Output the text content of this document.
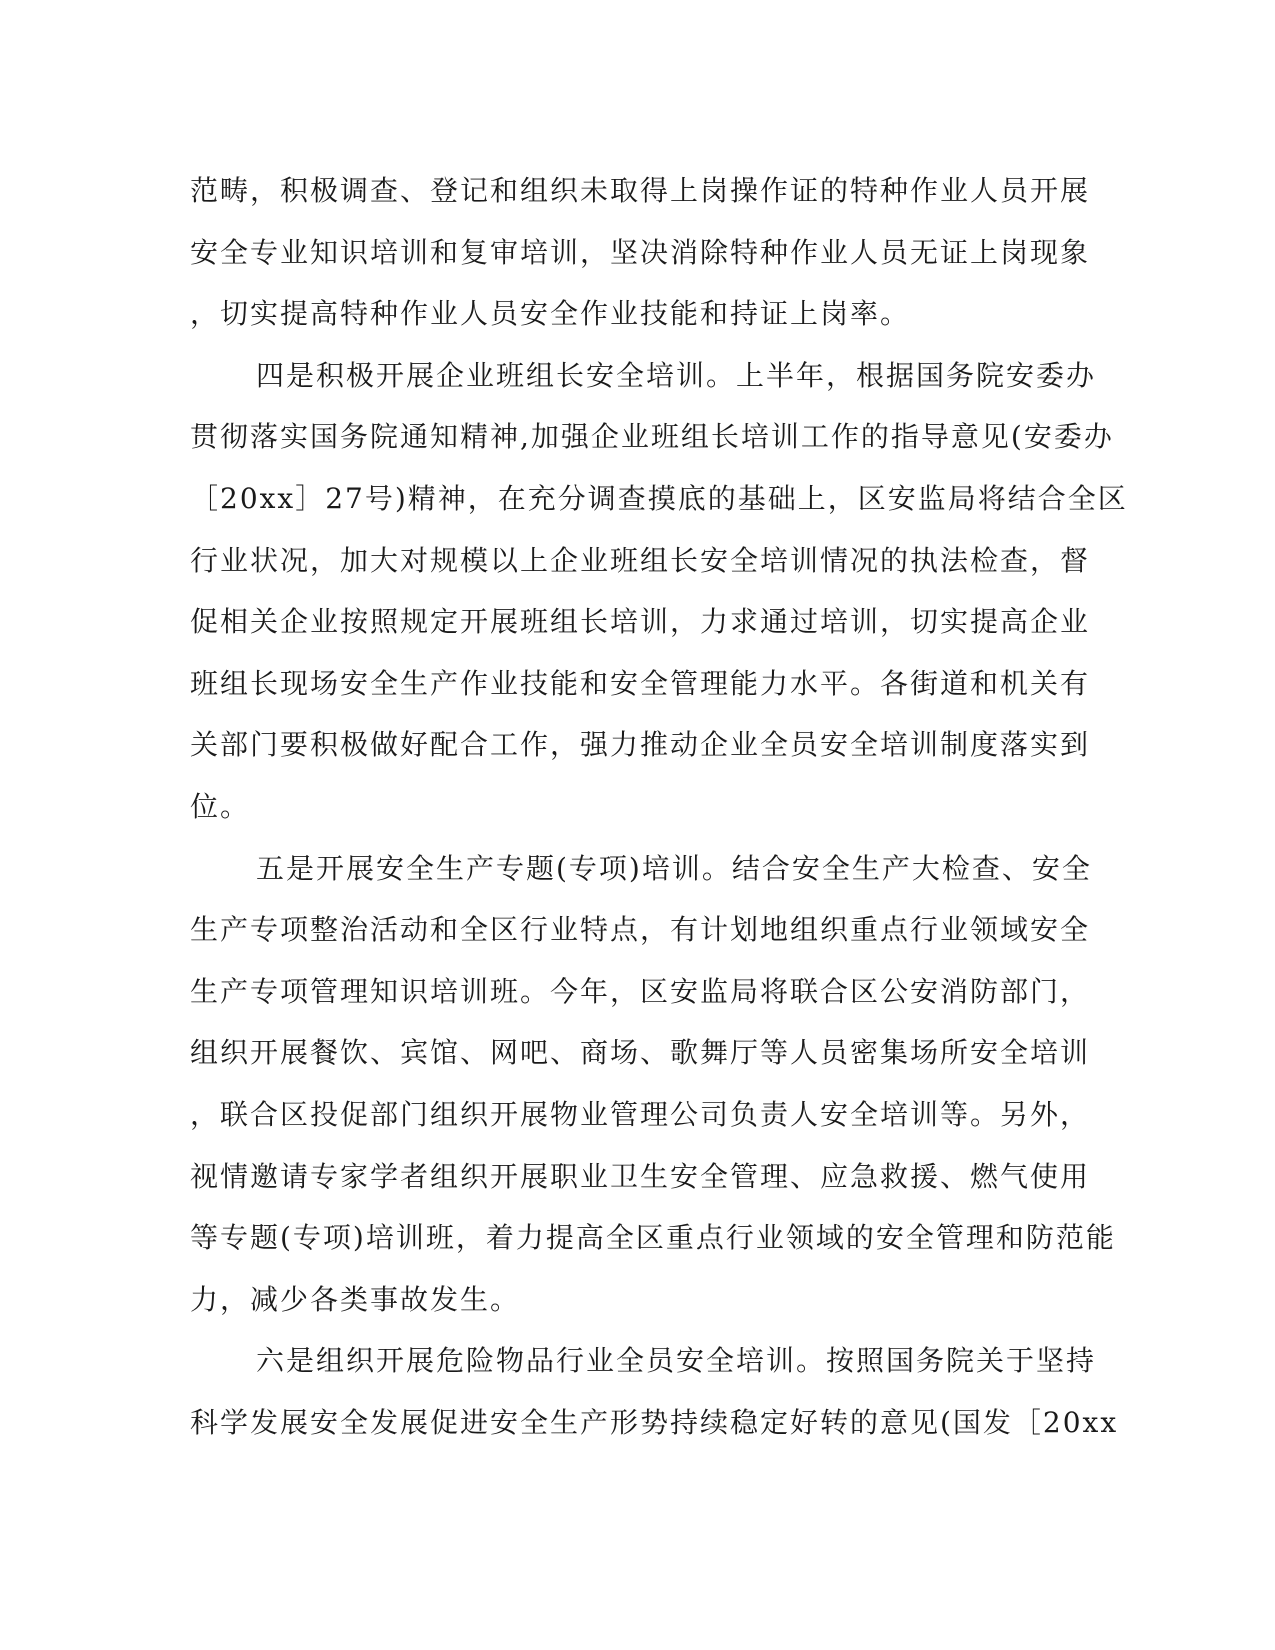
范畴，积极调查、登记和组织未取得上岗操作证的特种作业人员开展
安全专业知识培训和复审培训，坚决消除特种作业人员无证上岗现象
，切实提高特种作业人员安全作业技能和持证上岗率。
四是积极开展企业班组长安全培训。上半年，根据国务院安委办
贯彻落实国务院通知精神,加强企业班组长培训工作的指导意见(安委办
［20xx］27号)精神，在充分调查摸底的基础上，区安监局将结合全区
行业状况，加大对规模以上企业班组长安全培训情况的执法检查，督
促相关企业按照规定开展班组长培训，力求通过培训，切实提高企业
班组长现场安全生产作业技能和安全管理能力水平。各街道和机关有
关部门要积极做好配合工作，强力推动企业全员安全培训制度落实到
位。
五是开展安全生产专题(专项)培训。结合安全生产大检查、安全
生产专项整治活动和全区行业特点，有计划地组织重点行业领域安全
生产专项管理知识培训班。今年，区安监局将联合区公安消防部门，
组织开展餐饮、宾馆、网吧、商场、歌舞厅等人员密集场所安全培训
，联合区投促部门组织开展物业管理公司负责人安全培训等。另外，
视情邀请专家学者组织开展职业卫生安全管理、应急救援、燃气使用
等专题(专项)培训班，着力提高全区重点行业领域的安全管理和防范能
力，减少各类事故发生。
六是组织开展危险物品行业全员安全培训。按照国务院关于坚持
科学发展安全发展促进安全生产形势持续稳定好转的意见(国发［20xx
